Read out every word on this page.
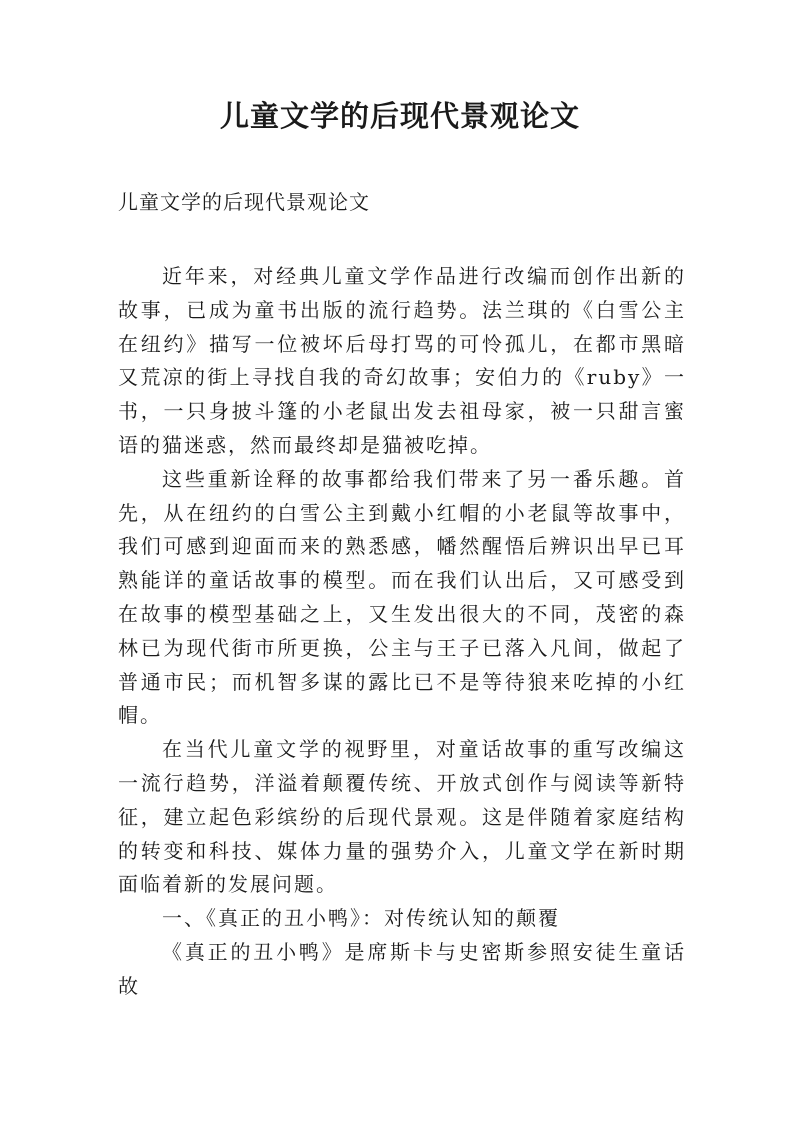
儿童文学的后现代景观论文
儿童文学的后现代景观论文

近年来，对经典儿童文学作品进行改编而创作出新的故事，已成为童书出版的流行趋势。法兰琪的《白雪公主在纽约》描写一位被坏后母打骂的可怜孤儿，在都市黑暗又荒凉的街上寻找自我的奇幻故事；安伯力的《ruby》一书，一只身披斗篷的小老鼠出发去祖母家，被一只甜言蜜语的猫迷惑，然而最终却是猫被吃掉。

这些重新诠释的故事都给我们带来了另一番乐趣。首先，从在纽约的白雪公主到戴小红帽的小老鼠等故事中，我们可感到迎面而来的熟悉感，幡然醒悟后辨识出早已耳熟能详的童话故事的模型。而在我们认出后，又可感受到在故事的模型基础之上，又生发出很大的不同，茂密的森林已为现代街市所更换，公主与王子已落入凡间，做起了普通市民；而机智多谋的露比已不是等待狼来吃掉的小红帽。

在当代儿童文学的视野里，对童话故事的重写改编这一流行趋势，洋溢着颠覆传统、开放式创作与阅读等新特征，建立起色彩缤纷的后现代景观。这是伴随着家庭结构的转变和科技、媒体力量的强势介入，儿童文学在新时期面临着新的发展问题。

一、《真正的丑小鸭》：对传统认知的颠覆

《真正的丑小鸭》是席斯卡与史密斯参照安徒生童话故
